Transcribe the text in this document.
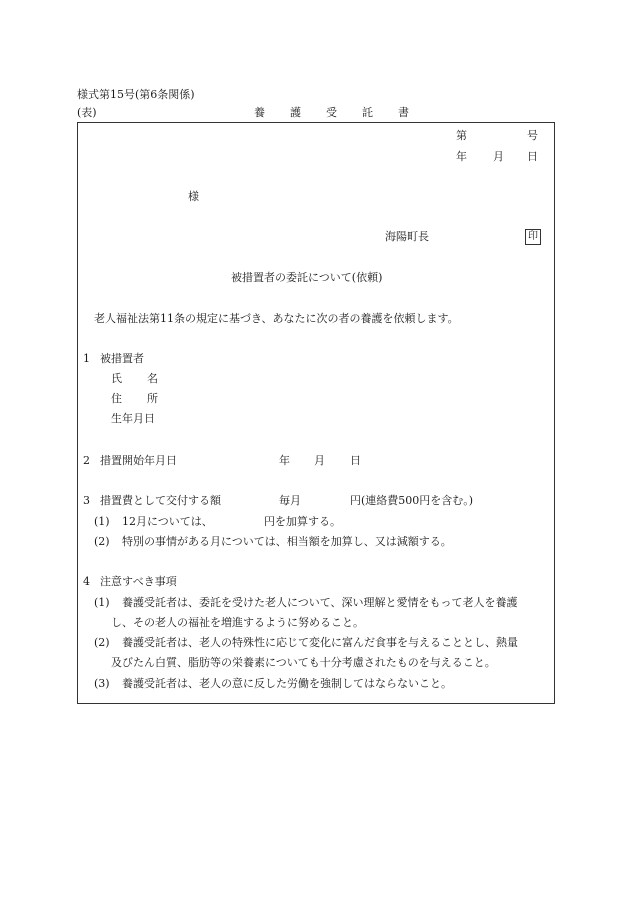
様式第15号(第6条関係)
(表)	養 護 受 託 書
第	号
年 月 日
様
海陽町長	印
被措置者の委託について(依頼)
老人福祉法第11条の規定に基づき、あなたに次の者の養護を依頼します。
1 被措置者
氏 名
住 所
生年月日
2 措置開始年月日	年 月 日
3 措置費として交付する額	毎月	円(連絡費500円を含む。)
(1) 12月については、	円を加算する。
(2) 特別の事情がある月については、相当額を加算し、又は減額する。
4 注意すべき事項
(1) 養護受託者は、委託を受けた老人について、深い理解と愛情をもって老人を養護
し、その老人の福祉を増進するように努めること。
(2) 養護受託者は、老人の特殊性に応じて変化に富んだ食事を与えることとし、熱量
及びたん白質、脂肪等の栄養素についても十分考慮されたものを与えること。
(3) 養護受託者は、老人の意に反した労働を強制してはならないこと。
